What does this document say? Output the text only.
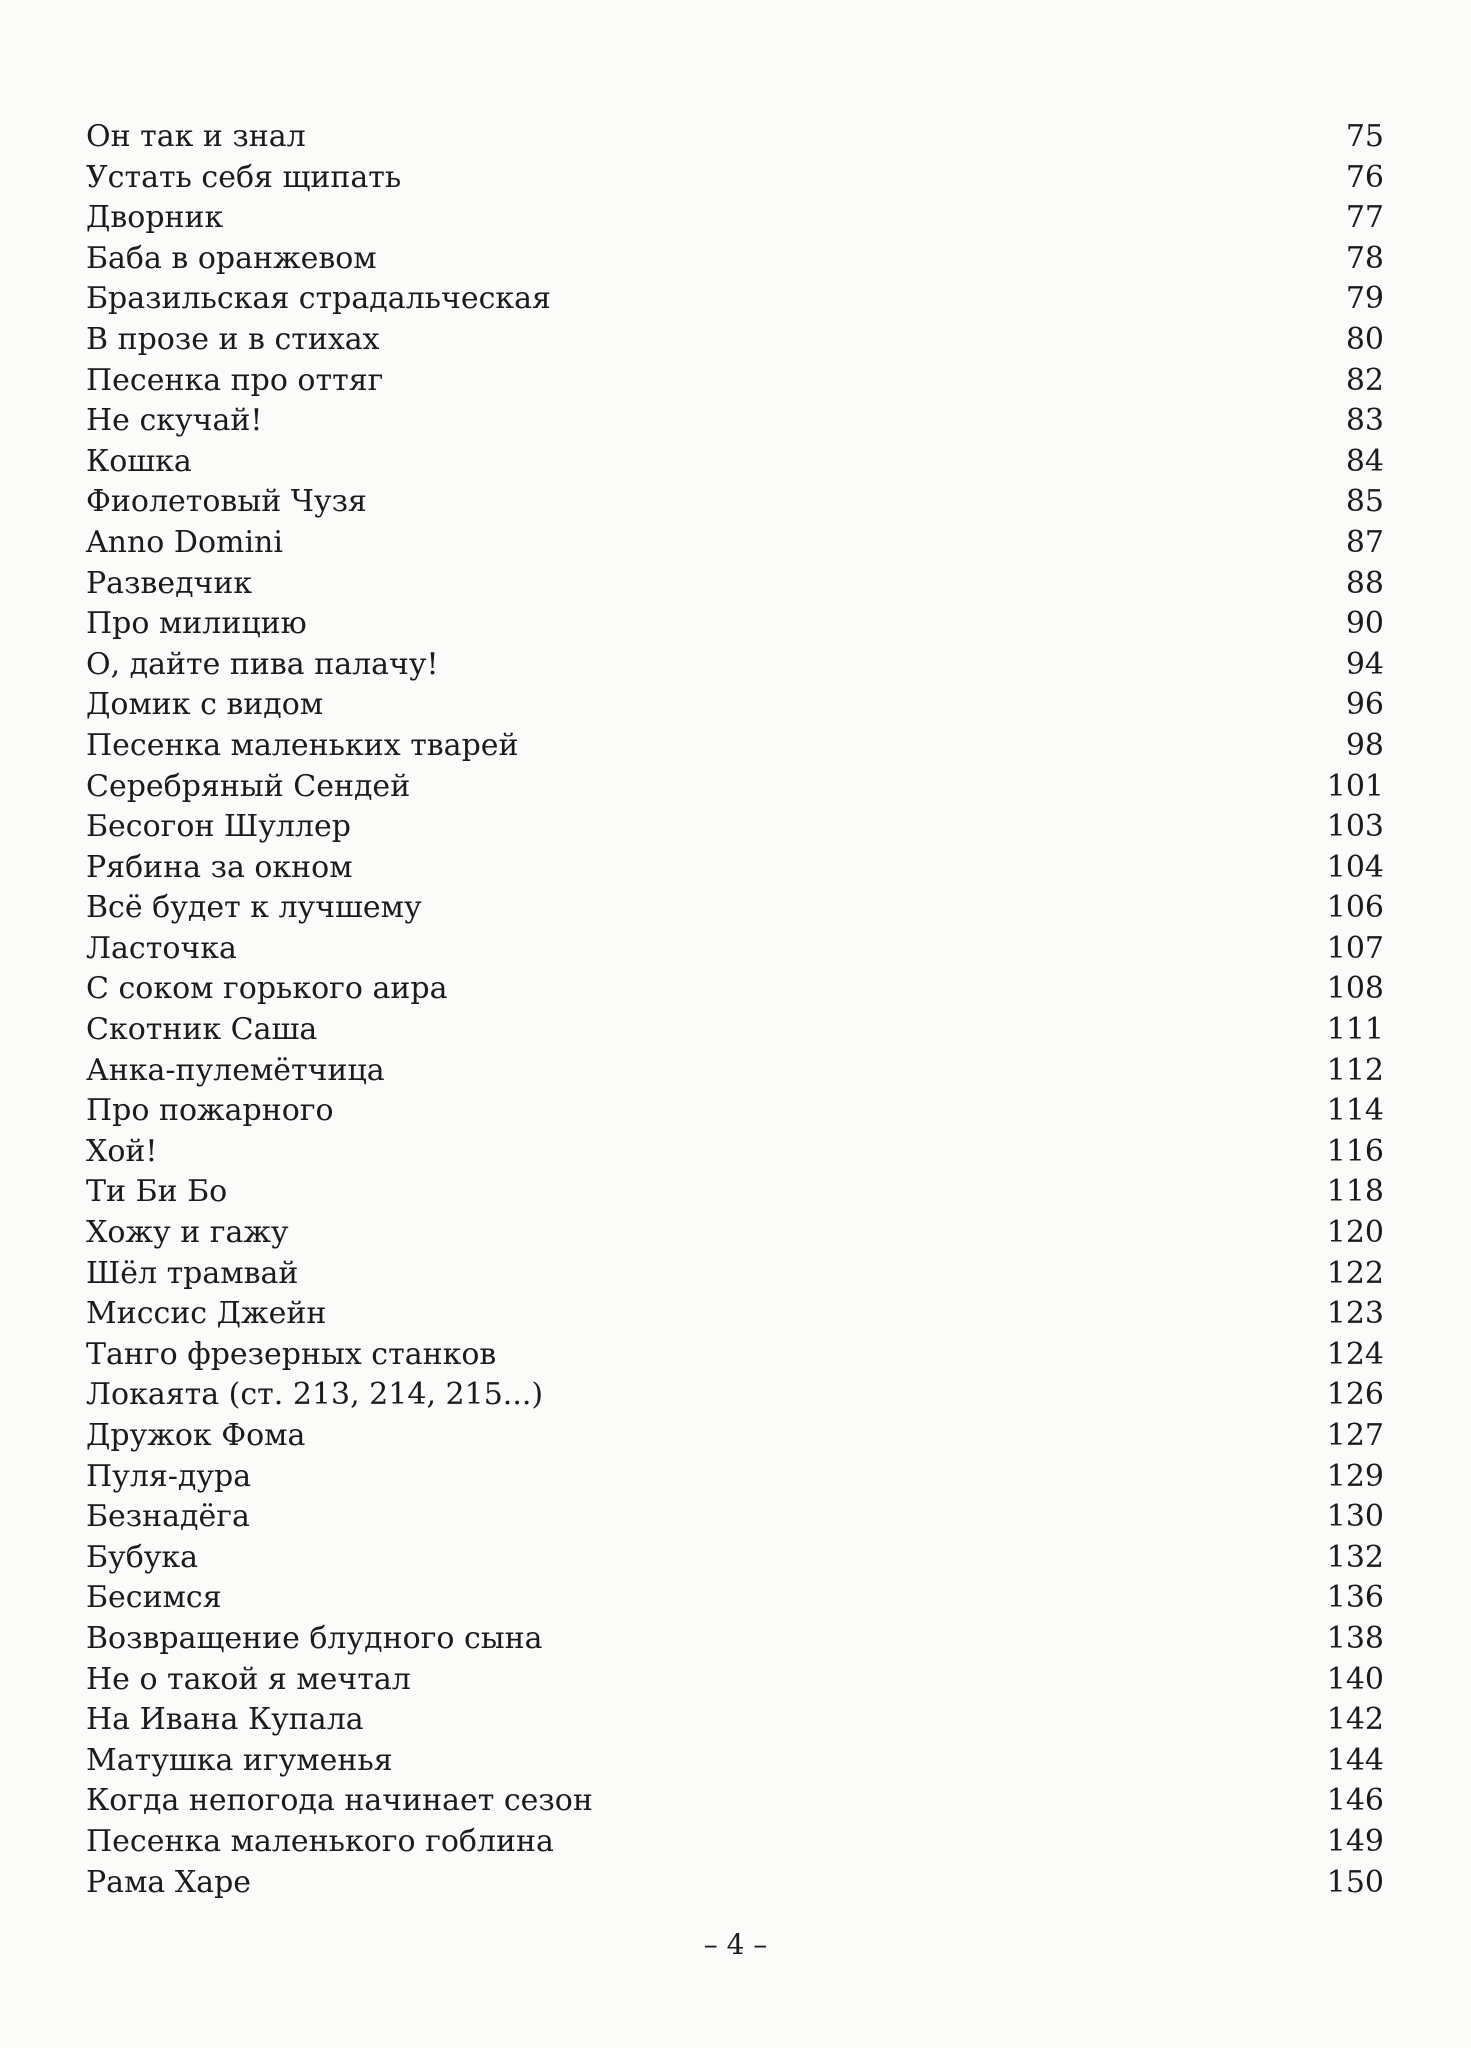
Он так и знал	75
Устать себя щипать	76
Дворник	77
Баба в оранжевом	78
Бразильская страдальческая	79
В прозе и в стихах	80
Песенка про оттяг	82
Не скучай!	83
Кошка	84
Фиолетовый Чузя	85
Anno Domini	87
Разведчик	88
Про милицию	90
О, дайте пива палачу!	94
Домик с видом	96
Песенка маленьких тварей	98
Серебряный Сендей	101
Бесогон Шуллер	103
Рябина за окном	104
Всё будет к лучшему	106
Ласточка	107
С соком горького аира	108
Скотник Саша	111
Анка-пулемётчица	112
Про пожарного	114
Хой!	116
Ти Би Бо	118
Хожу и гажу	120
Шёл трамвай	122
Миссис Джейн	123
Танго фрезерных станков	124
Локаята (ст. 213, 214, 215...)	126
Дружок Фома	127
Пуля-дура	129
Безнадёга	130
Бубука	132
Бесимся	136
Возвращение блудного сына	138
Не о такой я мечтал	140
На Ивана Купала	142
Матушка игуменья	144
Когда непогода начинает сезон	146
Песенка маленького гоблина	149
Рама Харе	150
– 4 –
